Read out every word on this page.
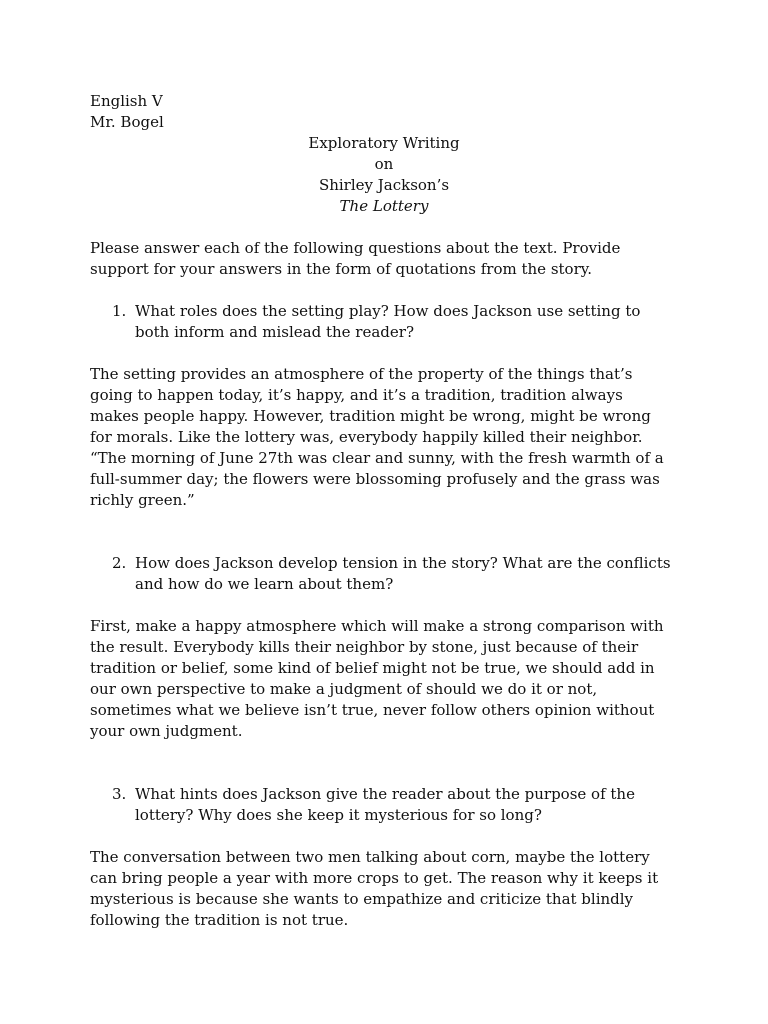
English V
Mr. Bogel
Exploratory Writing
on
Shirley Jackson’s
The Lottery
Please answer each of the following questions about the text. Provide
support for your answers in the form of quotations from the story.
1. What roles does the setting play? How does Jackson use setting to
both inform and mislead the reader?
The setting provides an atmosphere of the property of the things that’s
going to happen today, it’s happy, and it’s a tradition, tradition always
makes people happy. However, tradition might be wrong, might be wrong
for morals. Like the lottery was, everybody happily killed their neighbor.
“The morning of June 27th was clear and sunny, with the fresh warmth of a
full-summer day; the flowers were blossoming profusely and the grass was
richly green.”
2. How does Jackson develop tension in the story? What are the conflicts
and how do we learn about them?
First, make a happy atmosphere which will make a strong comparison with
the result. Everybody kills their neighbor by stone, just because of their
tradition or belief, some kind of belief might not be true, we should add in
our own perspective to make a judgment of should we do it or not,
sometimes what we believe isn’t true, never follow others opinion without
your own judgment.
3. What hints does Jackson give the reader about the purpose of the
lottery? Why does she keep it mysterious for so long?
The conversation between two men talking about corn, maybe the lottery
can bring people a year with more crops to get. The reason why it keeps it
mysterious is because she wants to empathize and criticize that blindly
following the tradition is not true.
